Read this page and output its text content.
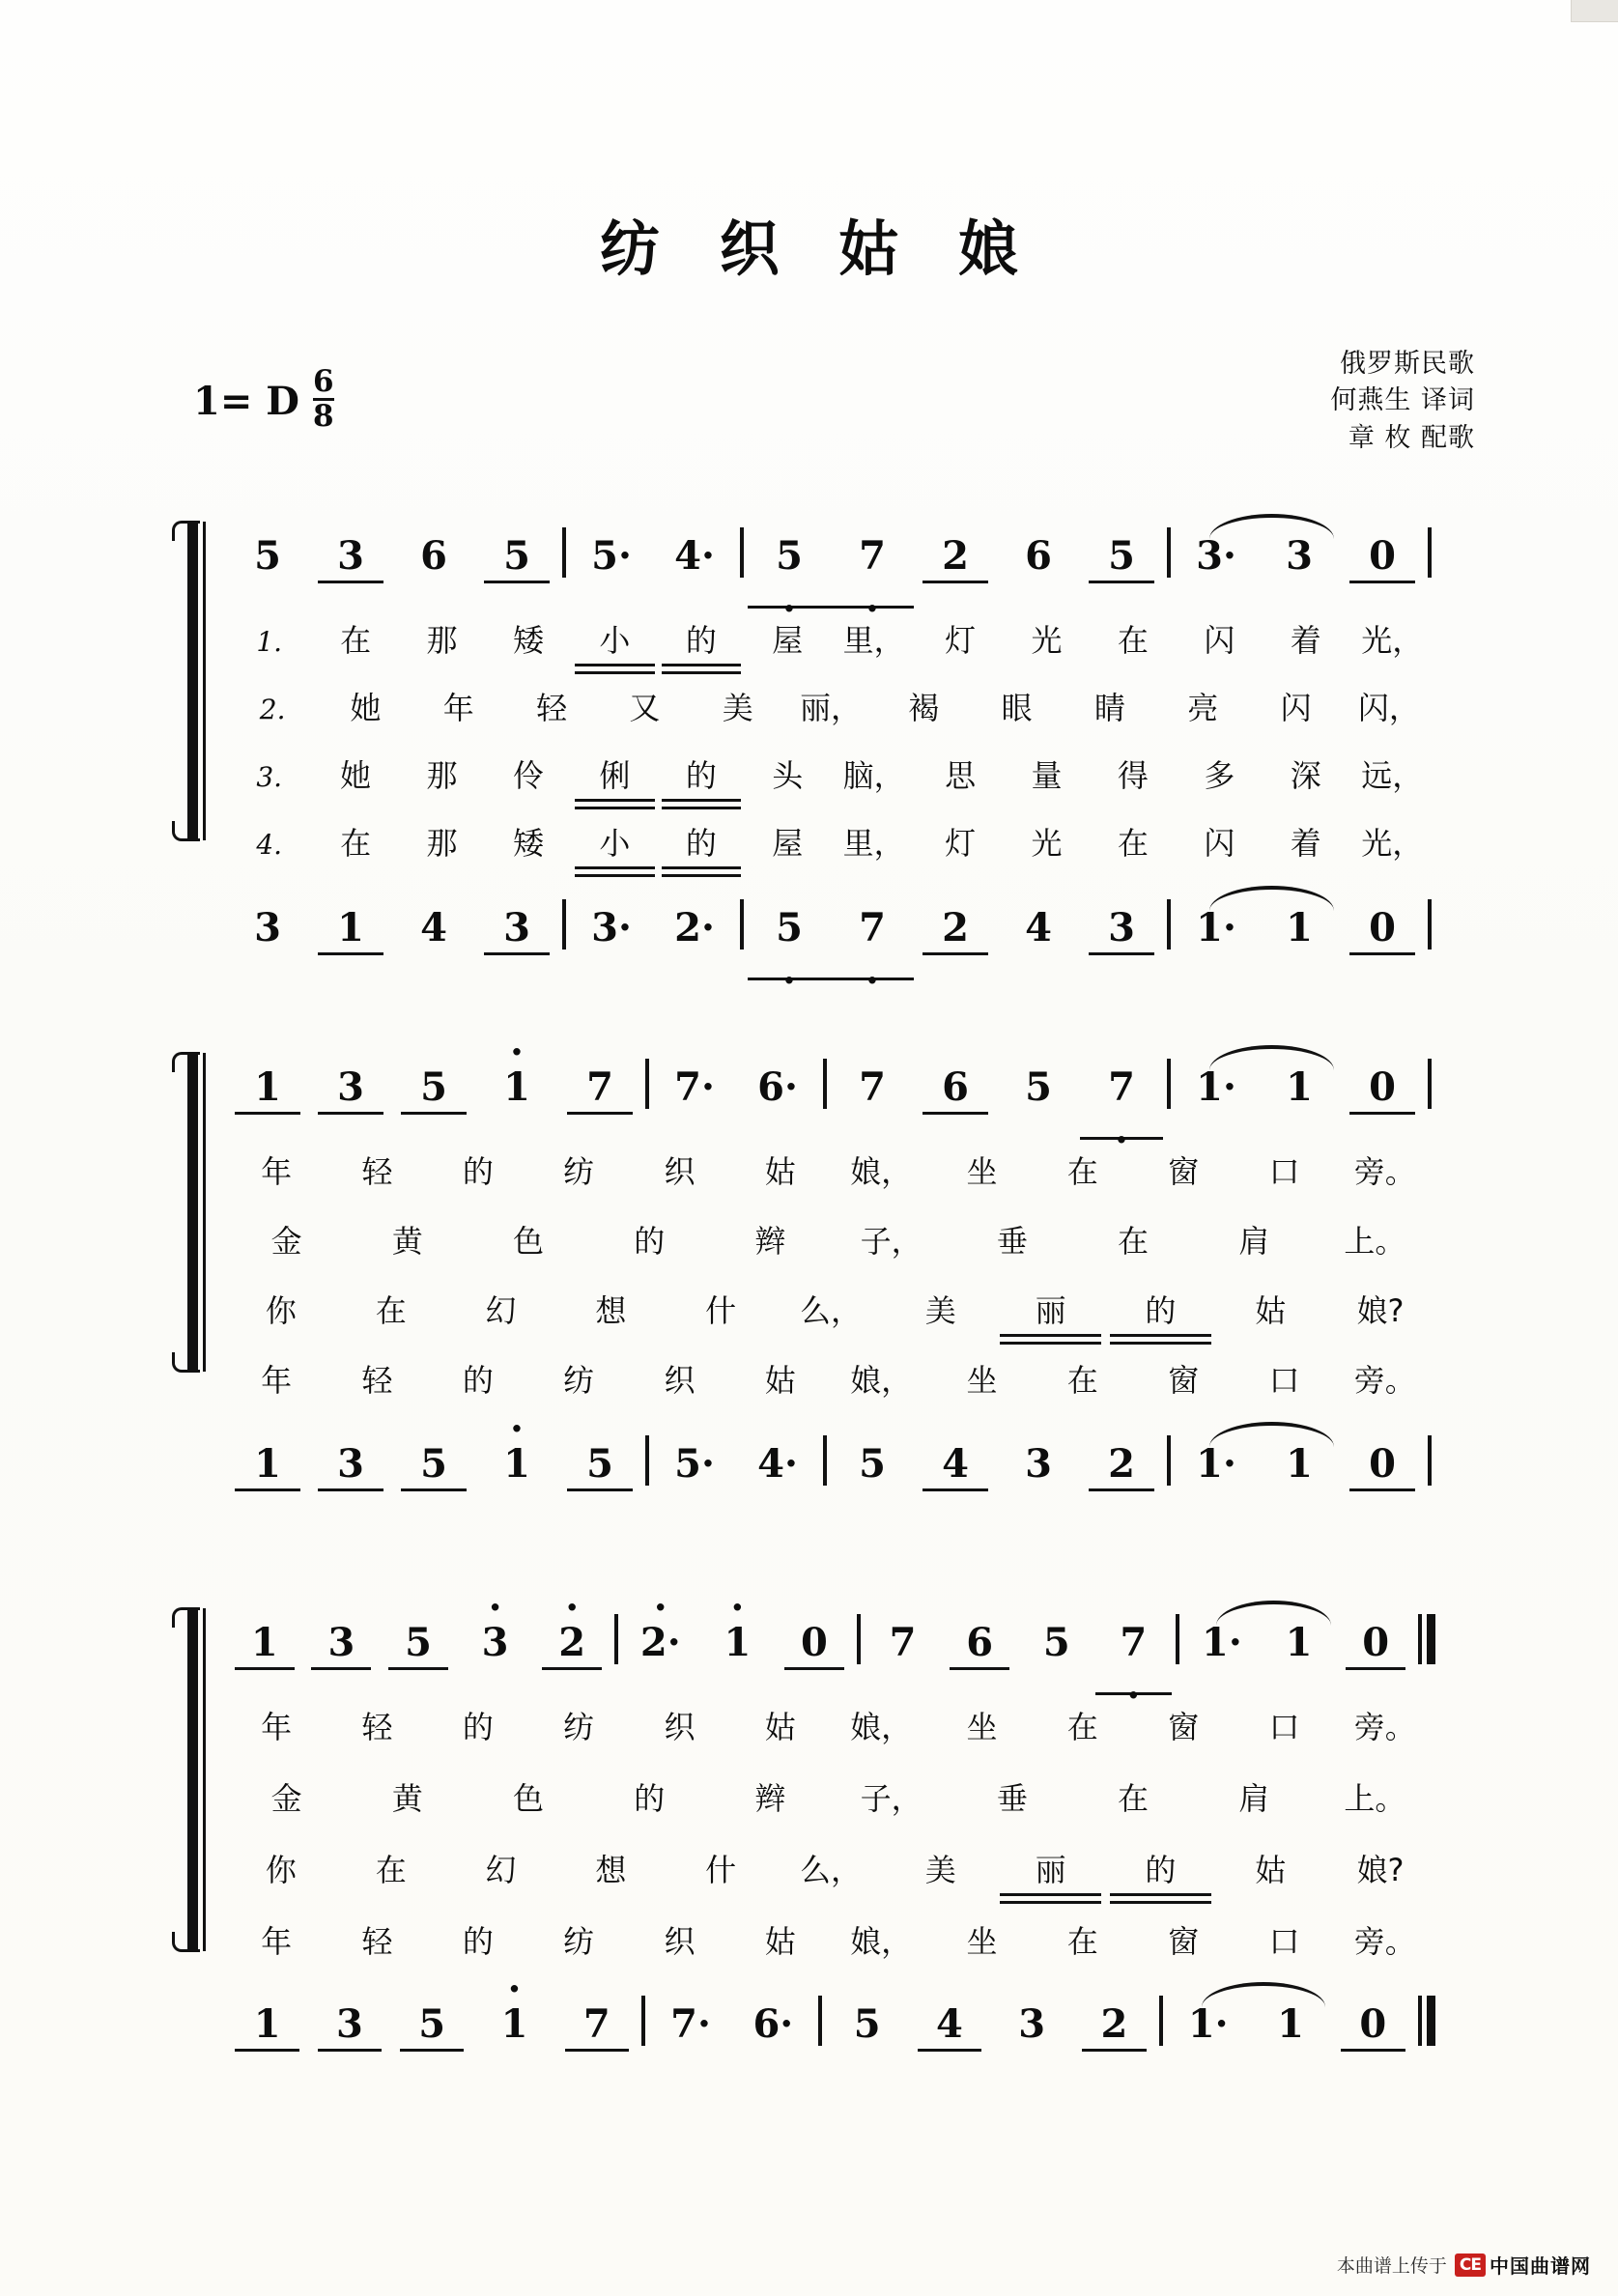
纺 织 姑 娘
1= D $\frac{6}{8}$
俄罗斯民歌
何燕生 译词
章 枚 配歌
5	3	6	5	5·	4·	5 ·	7 ·	2	6	5	3·	3	0
1.	在	那	矮	小	的	屋	里，	灯	光	在	闪	着	光，
2.	她	年	轻	又	美	丽，	褐	眼	睛	亮	闪	闪，
3.	她	那	伶	俐	的	头	脑，	思	量	得	多	深	远，
4.	在	那	矮	小	的	屋	里，	灯	光	在	闪	着	光，
3	1	4	3	3·	2·	5 ·	7 ·	2	4	3	1·	1	0
1	3	5	· 1	7	7·	6·	7	6	5	7 ·	1·	1	0
年	轻	的	纺	织	姑	娘，	坐	在	窗	口	旁。
金	黄	色	的	辫	子，	垂	在	肩	上。
你	在	幻	想	什	么，	美	丽	的	姑	娘?
年	轻	的	纺	织	姑	娘，	坐	在	窗	口	旁。
1	3	5	· 1	5	5·	4·	5	4	3	2	1·	1	0
1	3	5	· 3	· 2	· 2·	· 1	0	7	6	5	7 ·	1·	1	0
年	轻	的	纺	织	姑	娘，	坐	在	窗	口	旁。
金	黄	色	的	辫	子，	垂	在	肩	上。
你	在	幻	想	什	么，	美	丽	的	姑	娘?
年	轻	的	纺	织	姑	娘，	坐	在	窗	口	旁。
1	3	5	· 1	7	7·	6·	5	4	3	2	1·	1	0
本曲谱上传于 CE 中国曲谱网
